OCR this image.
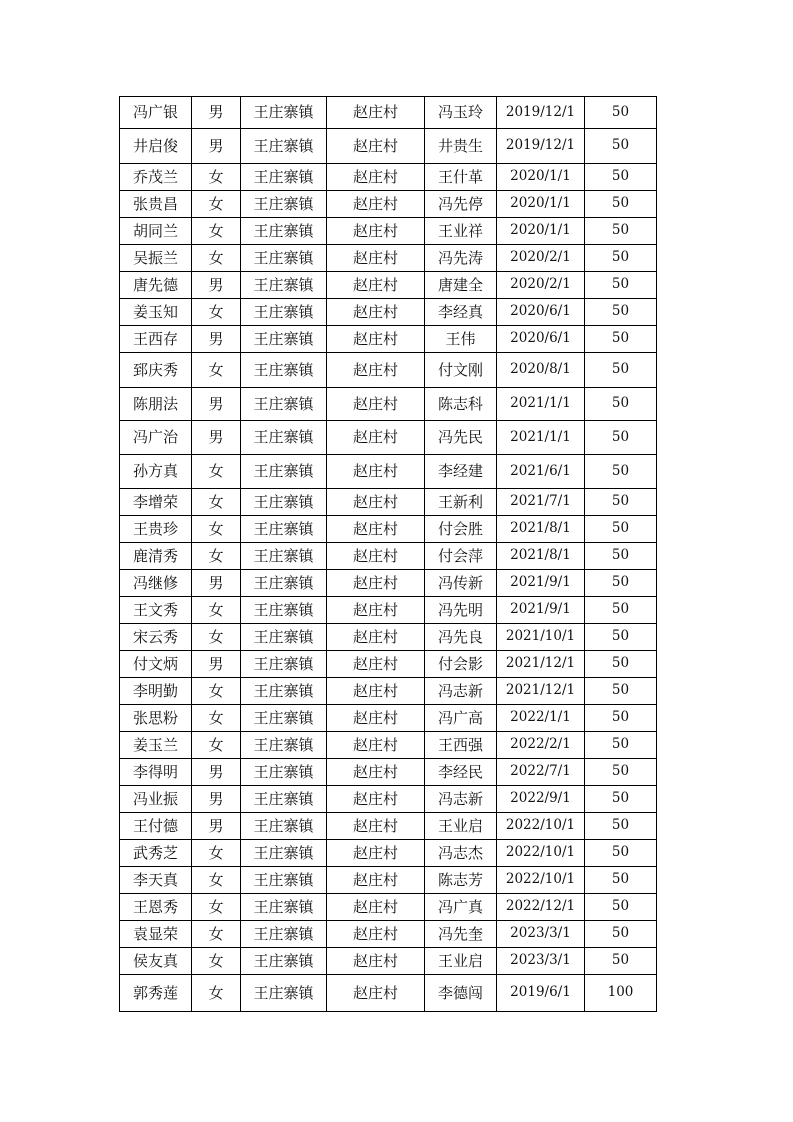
冯广银	男	王庄寨镇	赵庄村	冯玉玲	2019/12/1	50
井启俊	男	王庄寨镇	赵庄村	井贵生	2019/12/1	50
乔茂兰	女	王庄寨镇	赵庄村	王什革	2020/1/1	50
张贵昌	女	王庄寨镇	赵庄村	冯先停	2020/1/1	50
胡同兰	女	王庄寨镇	赵庄村	王业祥	2020/1/1	50
吴振兰	女	王庄寨镇	赵庄村	冯先涛	2020/2/1	50
唐先德	男	王庄寨镇	赵庄村	唐建全	2020/2/1	50
姜玉知	女	王庄寨镇	赵庄村	李经真	2020/6/1	50
王西存	男	王庄寨镇	赵庄村	王伟	2020/6/1	50
郅庆秀	女	王庄寨镇	赵庄村	付文刚	2020/8/1	50
陈朋法	男	王庄寨镇	赵庄村	陈志科	2021/1/1	50
冯广治	男	王庄寨镇	赵庄村	冯先民	2021/1/1	50
孙方真	女	王庄寨镇	赵庄村	李经建	2021/6/1	50
李增荣	女	王庄寨镇	赵庄村	王新利	2021/7/1	50
王贵珍	女	王庄寨镇	赵庄村	付会胜	2021/8/1	50
鹿清秀	女	王庄寨镇	赵庄村	付会萍	2021/8/1	50
冯继修	男	王庄寨镇	赵庄村	冯传新	2021/9/1	50
王文秀	女	王庄寨镇	赵庄村	冯先明	2021/9/1	50
宋云秀	女	王庄寨镇	赵庄村	冯先良	2021/10/1	50
付文炳	男	王庄寨镇	赵庄村	付会影	2021/12/1	50
李明勤	女	王庄寨镇	赵庄村	冯志新	2021/12/1	50
张思粉	女	王庄寨镇	赵庄村	冯广高	2022/1/1	50
姜玉兰	女	王庄寨镇	赵庄村	王西强	2022/2/1	50
李得明	男	王庄寨镇	赵庄村	李经民	2022/7/1	50
冯业振	男	王庄寨镇	赵庄村	冯志新	2022/9/1	50
王付德	男	王庄寨镇	赵庄村	王业启	2022/10/1	50
武秀芝	女	王庄寨镇	赵庄村	冯志杰	2022/10/1	50
李天真	女	王庄寨镇	赵庄村	陈志芳	2022/10/1	50
王恩秀	女	王庄寨镇	赵庄村	冯广真	2022/12/1	50
袁显荣	女	王庄寨镇	赵庄村	冯先奎	2023/3/1	50
侯友真	女	王庄寨镇	赵庄村	王业启	2023/3/1	50
郭秀莲	女	王庄寨镇	赵庄村	李德闯	2019/6/1	100
